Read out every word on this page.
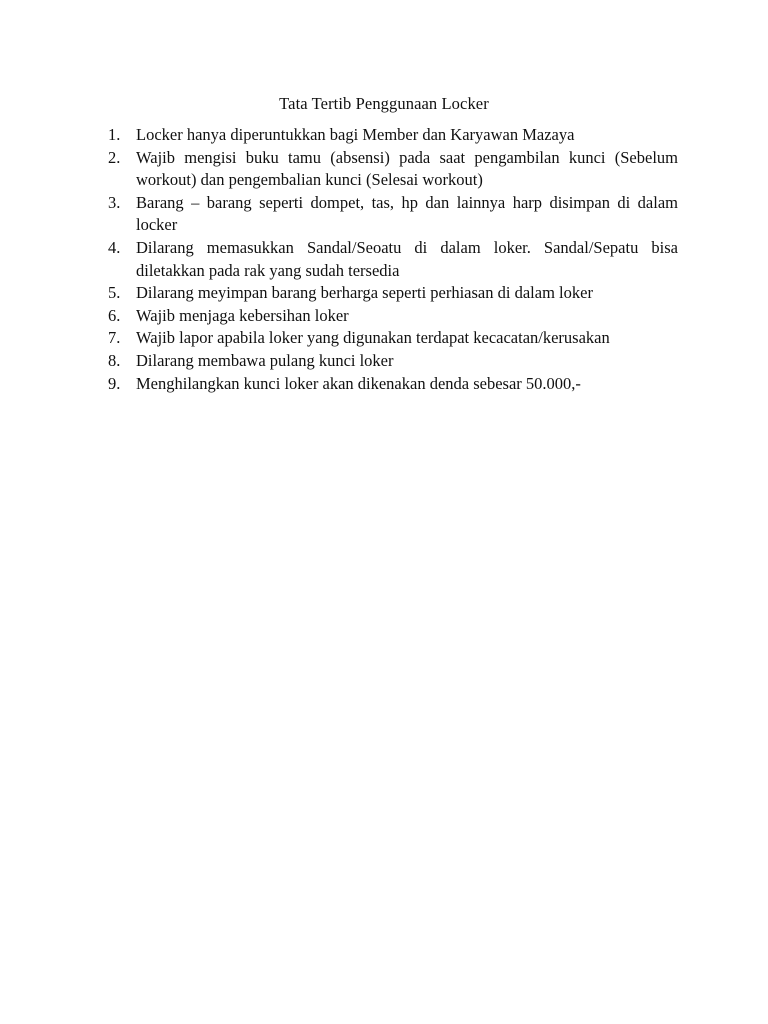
Tata Tertib Penggunaan Locker
1. Locker hanya diperuntukkan bagi Member dan Karyawan Mazaya
2. Wajib mengisi buku tamu (absensi) pada saat pengambilan kunci (Sebelum workout) dan pengembalian kunci (Selesai workout)
3. Barang – barang seperti dompet, tas, hp dan lainnya harp disimpan di dalam locker
4. Dilarang memasukkan Sandal/Seoatu di dalam loker. Sandal/Sepatu bisa diletakkan pada rak yang sudah tersedia
5. Dilarang meyimpan barang berharga seperti perhiasan di dalam loker
6. Wajib menjaga kebersihan loker
7. Wajib lapor apabila loker yang digunakan terdapat kecacatan/kerusakan
8. Dilarang membawa pulang kunci loker
9. Menghilangkan kunci loker akan dikenakan denda sebesar 50.000,-
